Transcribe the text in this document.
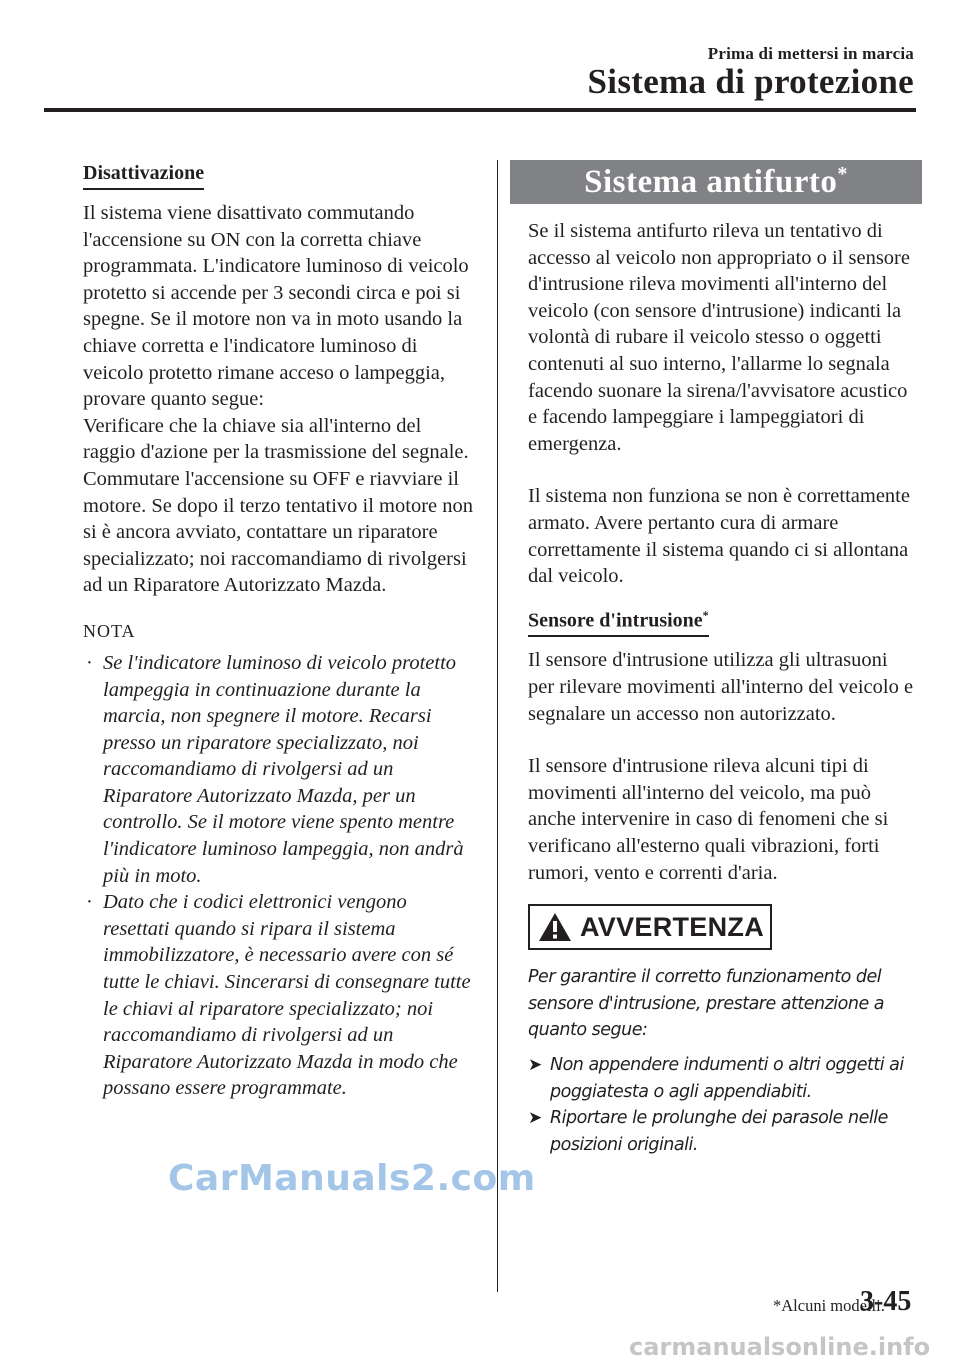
Prima di mettersi in marcia
Sistema di protezione
Disattivazione

Il sistema viene disattivato commutando l'accensione su ON con la corretta chiave programmata. L'indicatore luminoso di veicolo protetto si accende per 3 secondi circa e poi si spegne. Se il motore non va in moto usando la chiave corretta e l'indicatore luminoso di veicolo protetto rimane acceso o lampeggia, provare quanto segue:

Verificare che la chiave sia all'interno del raggio d'azione per la trasmissione del segnale. Commutare l'accensione su OFF e riavviare il motore. Se dopo il terzo tentativo il motore non si è ancora avviato, contattare un riparatore specializzato; noi raccomandiamo di rivolgersi ad un Riparatore Autorizzato Mazda.

NOTA
· Se l'indicatore luminoso di veicolo protetto lampeggia in continuazione durante la marcia, non spegnere il motore. Recarsi presso un riparatore specializzato, noi raccomandiamo di rivolgersi ad un Riparatore Autorizzato Mazda, per un controllo. Se il motore viene spento mentre l'indicatore luminoso lampeggia, non andrà più in moto.
· Dato che i codici elettronici vengono resettati quando si ripara il sistema immobilizzatore, è necessario avere con sé tutte le chiavi. Sincerarsi di consegnare tutte le chiavi al riparatore specializzato; noi raccomandiamo di rivolgersi ad un Riparatore Autorizzato Mazda in modo che possano essere programmate.
Sistema antifurto*

Se il sistema antifurto rileva un tentativo di accesso al veicolo non appropriato o il sensore d'intrusione rileva movimenti all'interno del veicolo (con sensore d'intrusione) indicanti la volontà di rubare il veicolo stesso o oggetti contenuti al suo interno, l'allarme lo segnala facendo suonare la sirena/l'avvisatore acustico e facendo lampeggiare i lampeggiatori di emergenza.

Il sistema non funziona se non è correttamente armato. Avere pertanto cura di armare correttamente il sistema quando ci si allontana dal veicolo.

Sensore d'intrusione*

Il sensore d'intrusione utilizza gli ultrasuoni per rilevare movimenti all'interno del veicolo e segnalare un accesso non autorizzato.

Il sensore d'intrusione rileva alcuni tipi di movimenti all'interno del veicolo, ma può anche intervenire in caso di fenomeni che si verificano all'esterno quali vibrazioni, forti rumori, vento e correnti d'aria.

AVVERTENZA

Per garantire il corretto funzionamento del sensore d'intrusione, prestare attenzione a quanto segue:

➤ Non appendere indumenti o altri oggetti ai poggiatesta o agli appendiabiti.
➤ Riportare le prolunghe dei parasole nelle posizioni originali.
*Alcuni modelli.
3-45
CarManuals2.com
carmanualsonline.info
